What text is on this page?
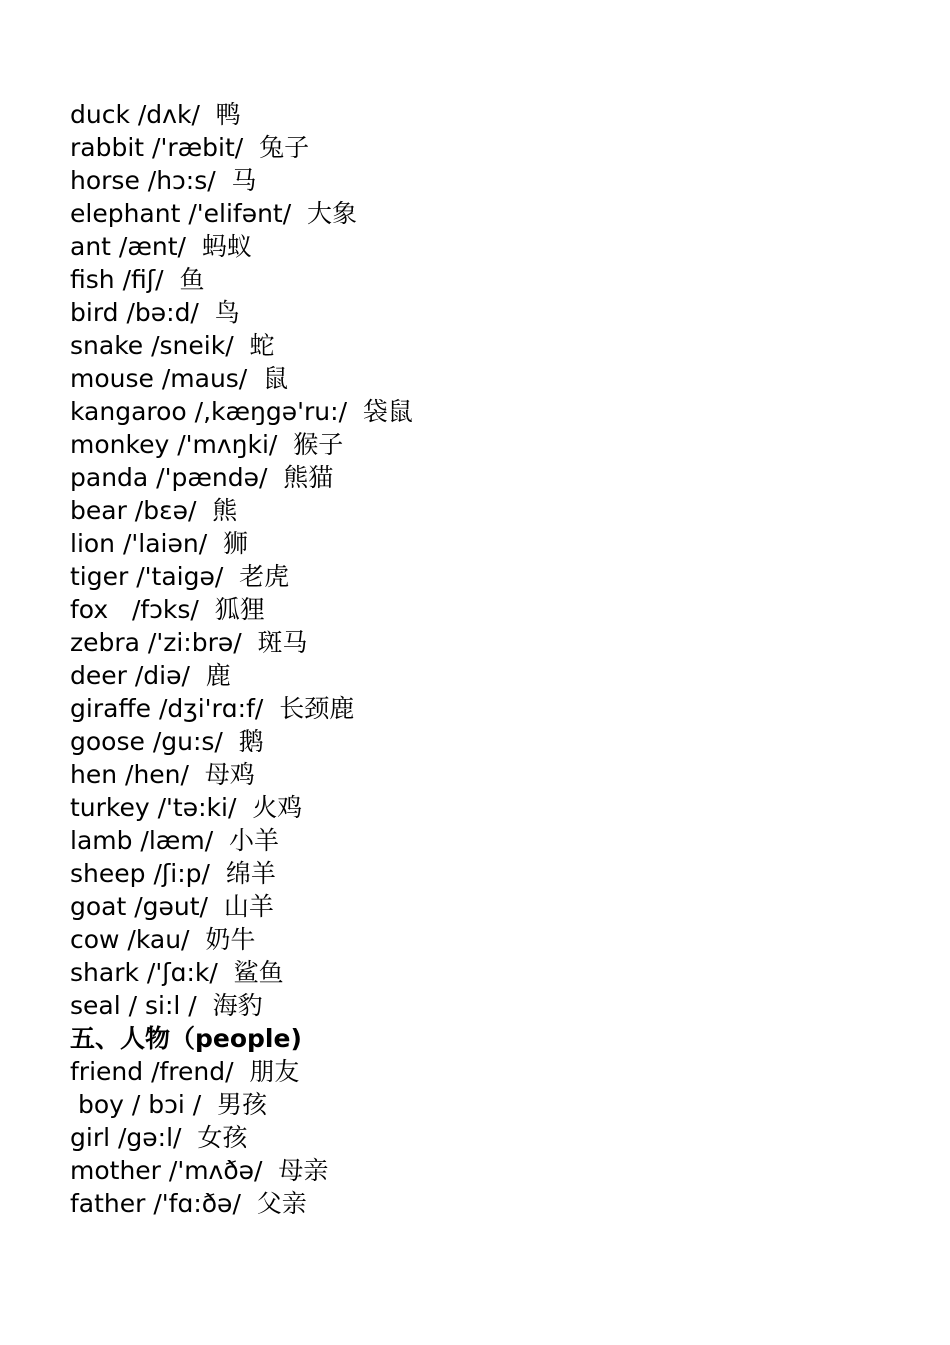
duck /dʌk/  鸭
rabbit /'ræbit/  兔子
horse /hɔ:s/  马
elephant /'elifənt/  大象
ant /ænt/  蚂蚁
fish /fiʃ/  鱼
bird /bə:d/  鸟
snake /sneik/  蛇
mouse /maus/  鼠
kangaroo /,kæŋgə'ru:/  袋鼠
monkey /'mʌŋki/  猴子
panda /'pændə/  熊猫
bear /bɛə/  熊
lion /'laiən/  狮
tiger /'taigə/  老虎
fox   /fɔks/  狐狸
zebra /'zi:brə/  斑马
deer /diə/  鹿
giraffe /dʒi'rɑ:f/  长颈鹿
goose /gu:s/  鹅
hen /hen/  母鸡
turkey /'tə:ki/  火鸡
lamb /læm/  小羊
sheep /ʃi:p/  绵羊
goat /gəut/  山羊
cow /kau/  奶牛
shark /'ʃɑ:k/  鲨鱼
seal / si:l /  海豹
五、人物（people)
friend /frend/  朋友
boy / bɔi /  男孩
girl /gə:l/  女孩
mother /'mʌðə/  母亲
father /'fɑ:ðə/  父亲
